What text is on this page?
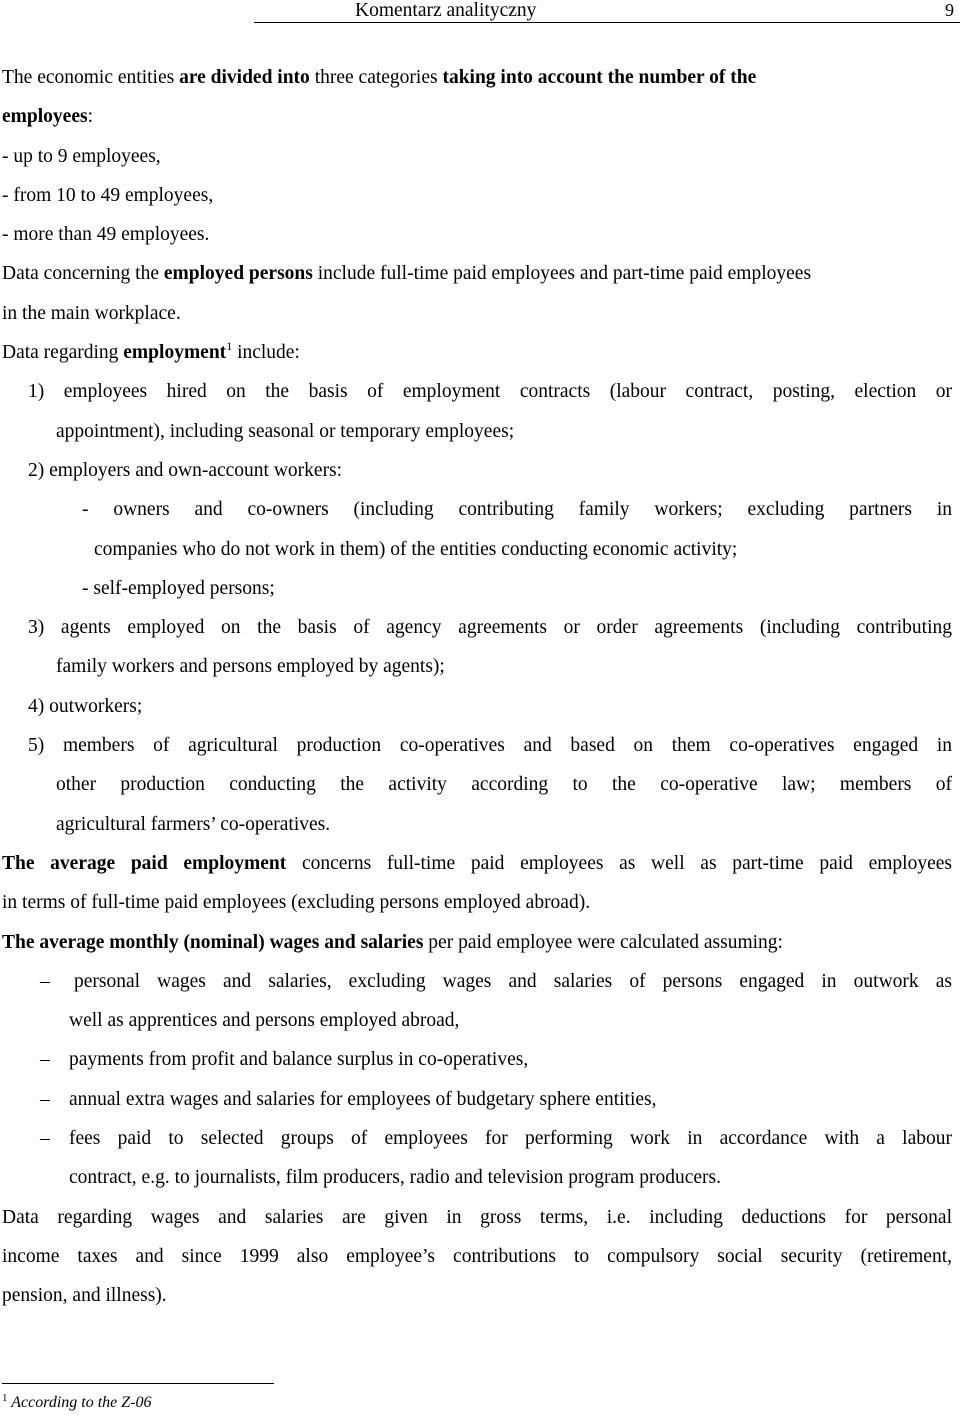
Komentarz analityczny	9
The economic entities are divided into three categories taking into account the number of the
employees:
- up to 9 employees,
- from 10 to 49 employees,
- more than 49 employees.
Data concerning the employed persons include full-time paid employees and part-time paid employees
in the main workplace.
Data regarding employment$^1$ include:
1) employees hired on the basis of employment contracts (labour contract, posting, election or
appointment), including seasonal or temporary employees;
2) employers and own-account workers:
- owners and co-owners (including contributing family workers; excluding partners in
companies who do not work in them) of the entities conducting economic activity;
- self-employed persons;
3) agents employed on the basis of agency agreements or order agreements (including contributing
family workers and persons employed by agents);
4) outworkers;
5) members of agricultural production co-operatives and based on them co-operatives engaged in
other production conducting the activity according to the co-operative law; members of
agricultural farmers’ co-operatives.
The average paid employment concerns full-time paid employees as well as part-time paid employees
in terms of full-time paid employees (excluding persons employed abroad).
The average monthly (nominal) wages and salaries per paid employee were calculated assuming:
– personal wages and salaries, excluding wages and salaries of persons engaged in outwork as
well as apprentices and persons employed abroad,
– payments from profit and balance surplus in co-operatives,
– annual extra wages and salaries for employees of budgetary sphere entities,
– fees paid to selected groups of employees for performing work in accordance with a labour
contract, e.g. to journalists, film producers, radio and television program producers.
Data regarding wages and salaries are given in gross terms, i.e. including deductions for personal
income taxes and since 1999 also employee’s contributions to compulsory social security (retirement,
pension, and illness).
$^1$ According to the Z-06
